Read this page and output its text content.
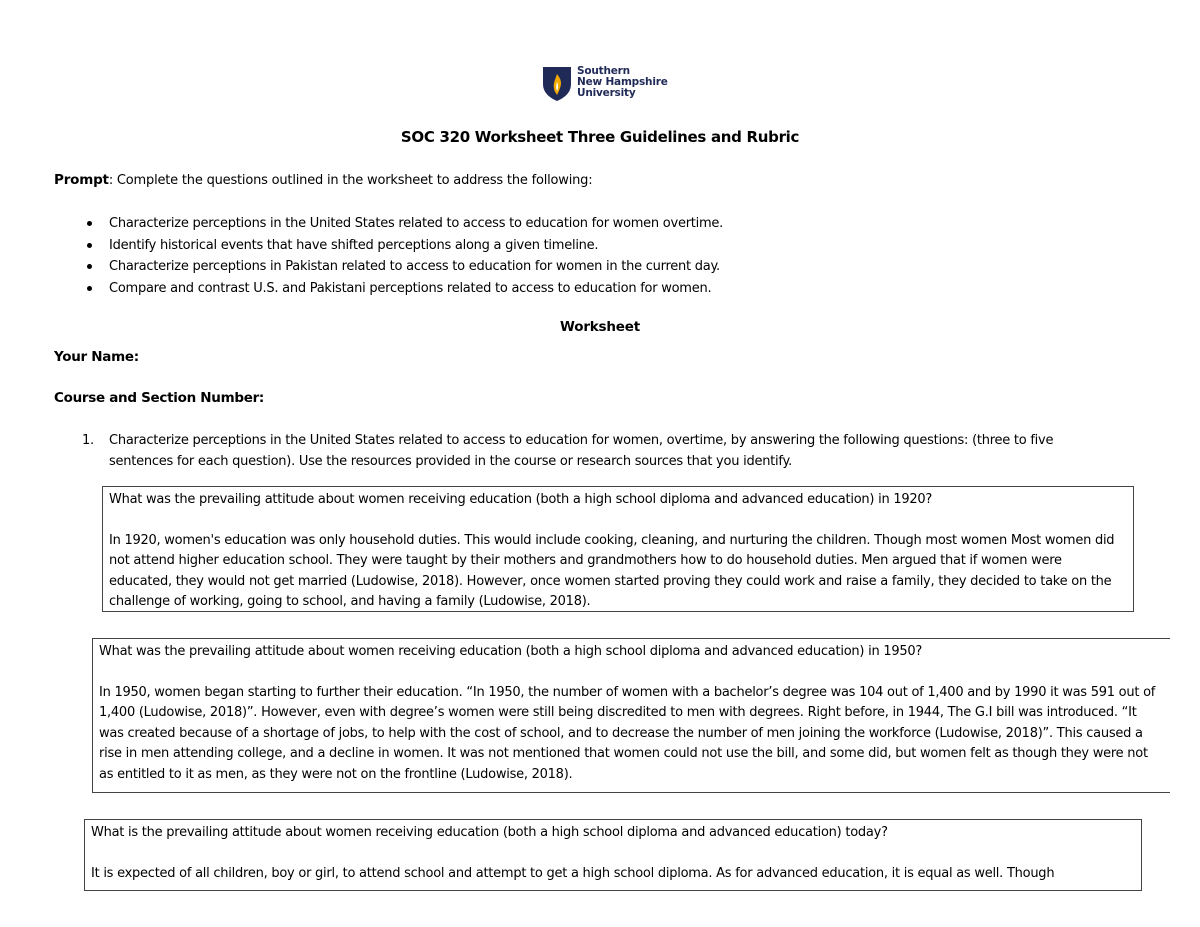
Southern
New Hampshire
University
SOC 320 Worksheet Three Guidelines and Rubric
Prompt: Complete the questions outlined in the worksheet to address the following:
Characterize perceptions in the United States related to access to education for women overtime.
Identify historical events that have shifted perceptions along a given timeline.
Characterize perceptions in Pakistan related to access to education for women in the current day.
Compare and contrast U.S. and Pakistani perceptions related to access to education for women.
Worksheet
Your Name:
Course and Section Number:
1. Characterize perceptions in the United States related to access to education for women, overtime, by answering the following questions: (three to five sentences for each question). Use the resources provided in the course or research sources that you identify.

What was the prevailing attitude about women receiving education (both a high school diploma and advanced education) in 1920?

In 1920, women's education was only household duties. This would include cooking, cleaning, and nurturing the children. Though most women Most women did not attend higher education school. They were taught by their mothers and grandmothers how to do household duties. Men argued that if women were educated, they would not get married (Ludowise, 2018). However, once women started proving they could work and raise a family, they decided to take on the challenge of working, going to school, and having a family (Ludowise, 2018).

What was the prevailing attitude about women receiving education (both a high school diploma and advanced education) in 1950?

In 1950, women began starting to further their education. “In 1950, the number of women with a bachelor’s degree was 104 out of 1,400 and by 1990 it was 591 out of 1,400 (Ludowise, 2018)”. However, even with degree’s women were still being discredited to men with degrees. Right before, in 1944, The G.I bill was introduced. “It was created because of a shortage of jobs, to help with the cost of school, and to decrease the number of men joining the workforce (Ludowise, 2018)”. This caused a rise in men attending college, and a decline in women. It was not mentioned that women could not use the bill, and some did, but women felt as though they were not as entitled to it as men, as they were not on the frontline (Ludowise, 2018).

What is the prevailing attitude about women receiving education (both a high school diploma and advanced education) today?

It is expected of all children, boy or girl, to attend school and attempt to get a high school diploma. As for advanced education, it is equal as well. Though
